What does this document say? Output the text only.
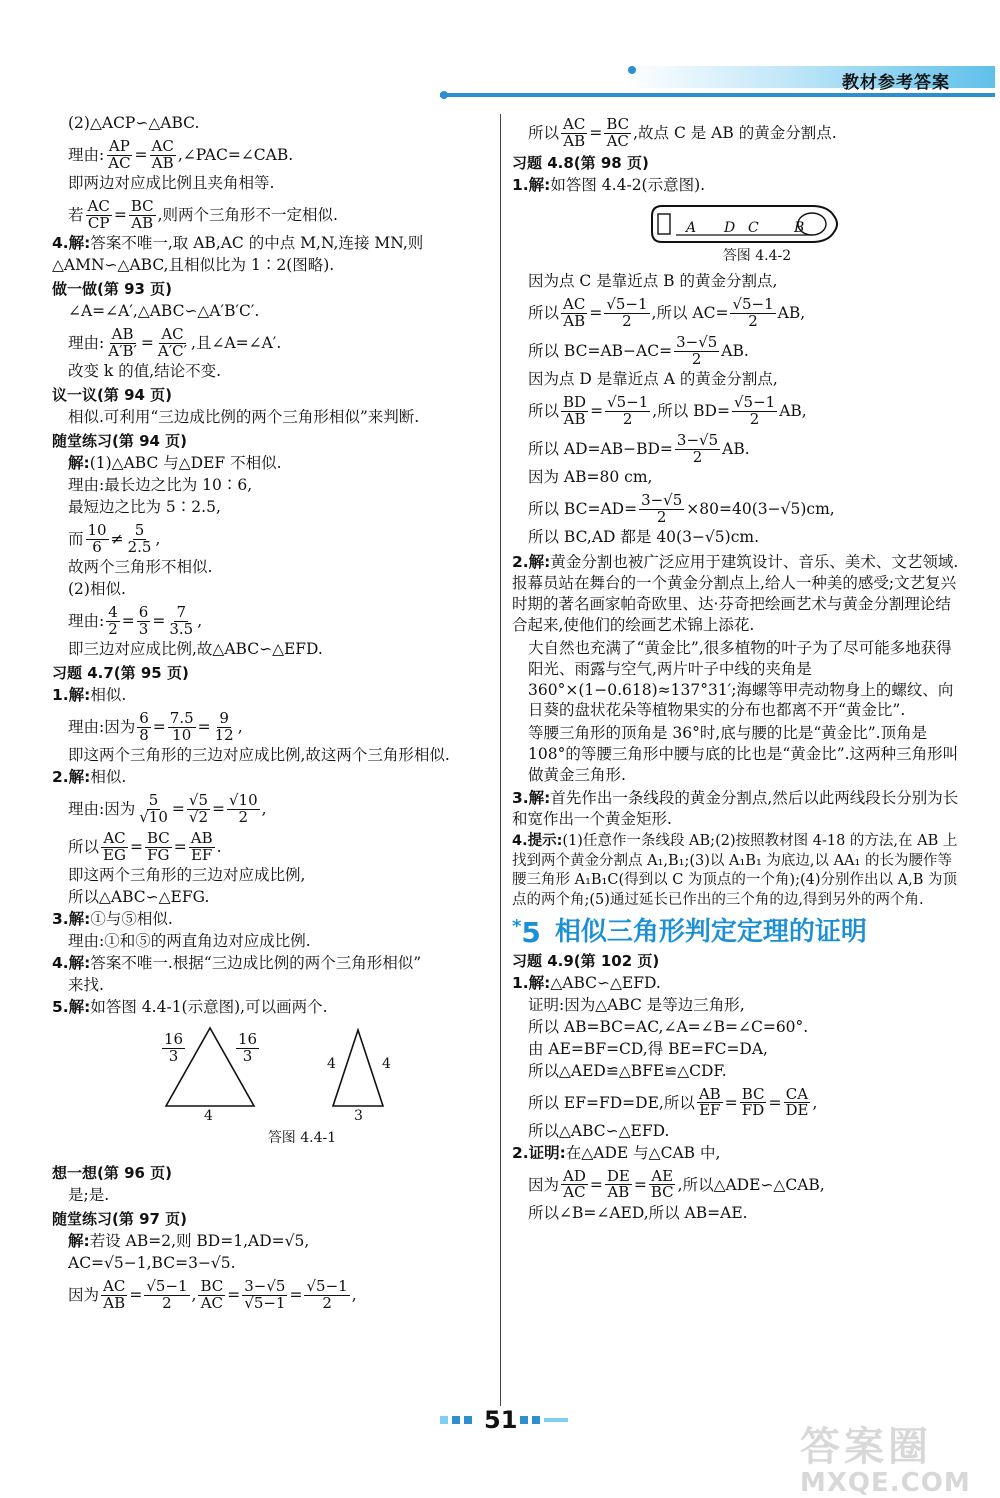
教材参考答案

(2)△ACP∽△ABC.

理由: $\frac{AP}{AC} = \frac{AC}{AB}$ ,∠PAC=∠CAB.

即两边对应成比例且夹角相等.

若 $\frac{AC}{CP} = \frac{BC}{AB}$ ,则两个三角形不一定相似.

4.解:答案不唯一,取 AB,AC 的中点 M,N,连接 MN,则

△AMN∽△ABC,且相似比为 1∶2(图略).

做一做(第 93 页)

∠A=∠A′,△ABC∽△A′B′C′.

理由: $\frac{AB}{A'B'} = \frac{AC}{A'C'}$ ,且∠A=∠A′.

改变 k 的值,结论不变.

议一议(第 94 页)

相似.可利用“三边成比例的两个三角形相似”来判断.

随堂练习(第 94 页)

解:(1)△ABC 与△DEF 不相似.

理由:最长边之比为 10∶6,

最短边之比为 5∶2.5,

而 $\frac{10}{6} \ne \frac{5}{2.5}$ ,

故两个三角形不相似.

(2)相似.

理由: $\frac{4}{2} = \frac{6}{3} = \frac{7}{3.5}$ ,

即三边对应成比例,故△ABC∽△EFD.

习题 4.7(第 95 页)

1.解:相似.

理由:因为 $\frac{6}{8} = \frac{7.5}{10} = \frac{9}{12}$ ,

即这两个三角形的三边对应成比例,故这两个三角形相似.

2.解:相似.

理由:因为 $\frac{5}{√10} = \frac{√5}{√2} = \frac{√10}{2}$ ,
所以 $\frac{AC}{EG} = \frac{BC}{FG} = \frac{AB}{EF}$ .

即这两个三角形的三边对应成比例,

所以△ABC∽△EFG.

3.解:①与⑤相似.

理由:①和⑤的两直角边对应成比例.

4.解:答案不唯一.根据“三边成比例的两个三角形相似”

来找.

5.解:如答图 4.4-1(示意图),可以画两个.

$\frac{16}{3}$	$\frac{16}{3}$
4
4	4
3
答图 4.4-1

想一想(第 96 页)

是;是.

随堂练习(第 97 页)

解:若设 AB=2,则 BD=1,AD=√5,

AC=√5−1,BC=3−√5.

因为 $\frac{AC}{AB} = \frac{√5-1}{2}$ , $\frac{BC}{AC} = \frac{3-√5}{√5-1} = \frac{√5-1}{2}$ ,
所以 $\frac{AC}{AB} = \frac{BC}{AC}$ ,故点 C 是 AB 的黄金分割点.

习题 4.8(第 98 页)

1.解:如答图 4.4-2(示意图).

A D C	B
答图 4.4-2

因为点 C 是靠近点 B 的黄金分割点,

所以 $\frac{AC}{AB} = \frac{√5-1}{2}$ ,所以 $AC= \frac{√5-1}{2}$ AB,
所以 $BC=AB-AC= \frac{3-√5}{2}$ AB.

因为点 D 是靠近点 A 的黄金分割点,

所以 $\frac{BD}{AB} = \frac{√5-1}{2}$ ,所以 $BD= \frac{√5-1}{2}$ AB,
所以 $AD=AB-BD= \frac{3-√5}{2}$ AB.

因为 AB=80 cm,

所以 $BC=AD= \frac{3-√5}{2} \times 80=40(3-√5)cm$,

所以 BC,AD 都是 40(3−√5)cm.

2.解:黄金分割也被广泛应用于建筑设计、音乐、美术、文艺领域.报幕员站在舞台的一个黄金分割点上,给人一种美的感受;文艺复兴时期的著名画家帕奇欧里、达·芬奇把绘画艺术与黄金分割理论结合起来,使他们的绘画艺术锦上添花.

大自然也充满了“黄金比”,很多植物的叶子为了尽可能多地获得阳光、雨露与空气,两片叶子中线的夹角是 360°×(1−0.618)≈137°31′;海螺等甲壳动物身上的螺纹、向日葵的盘状花朵等植物果实的分布也都离不开“黄金比”.

等腰三角形的顶角是 36°时,底与腰的比是“黄金比”.顶角是 108°的等腰三角形中腰与底的比也是“黄金比”.这两种三角形叫做黄金三角形.

3.解:首先作出一条线段的黄金分割点,然后以此两线段长分别为长和宽作出一个黄金矩形.

4.提示:(1)任意作一条线段 AB;(2)按照教材图 4-18 的方法,在 AB 上找到两个黄金分割点 A₁,B₁;(3)以 A₁B₁ 为底边,以 AA₁ 的长为腰作等腰三角形 A₁B₁C(得到以 C 为顶点的一个角);(4)分别作出以 A,B 为顶点的两个角;(5)通过延长已作出的三个角的边,得到另外的两个角.

*5 相似三角形判定定理的证明

习题 4.9(第 102 页)

1.解:△ABC∽△EFD.

证明:因为△ABC 是等边三角形,

所以 AB=BC=AC,∠A=∠B=∠C=60°.

由 AE=BF=CD,得 BE=FC=DA,

所以△AED≌△BFE≌△CDF.

所以 EF=FD=DE,所以 $\frac{AB}{EF} = \frac{BC}{FD} = \frac{CA}{DE}$ ,

所以△ABC∽△EFD.

2.证明:在△ADE 与△CAB 中,

因为 $\frac{AD}{AC} = \frac{DE}{AB} = \frac{AE}{BC}$ ,所以△ADE∽△CAB,

所以∠B=∠AED,所以 AB=AE.

51
答案圈
MXQE.COM
